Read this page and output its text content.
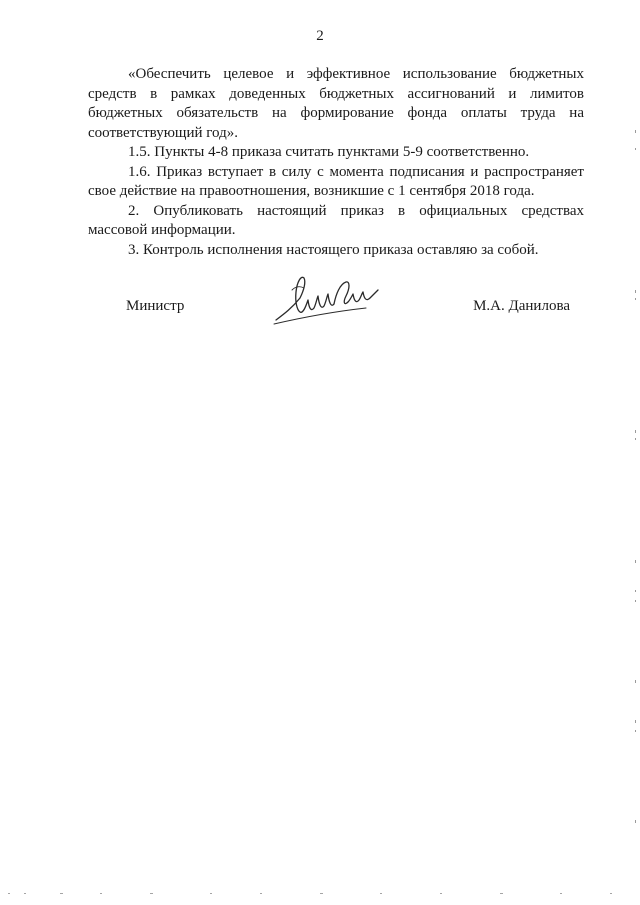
2

«Обеспечить целевое и эффективное использование бюджетных средств в рамках доведенных бюджетных ассигнований и лимитов бюджетных обязательств на формирование фонда оплаты труда на соответствующий год».

1.5. Пункты 4-8 приказа считать пунктами 5-9 соответственно.

1.6. Приказ вступает в силу с момента подписания и распространяет свое действие на правоотношения, возникшие с 1 сентября 2018 года.

2. Опубликовать настоящий приказ в официальных средствах массовой информации.

3. Контроль исполнения настоящего приказа оставляю за собой.

Министр	М.А. Данилова
